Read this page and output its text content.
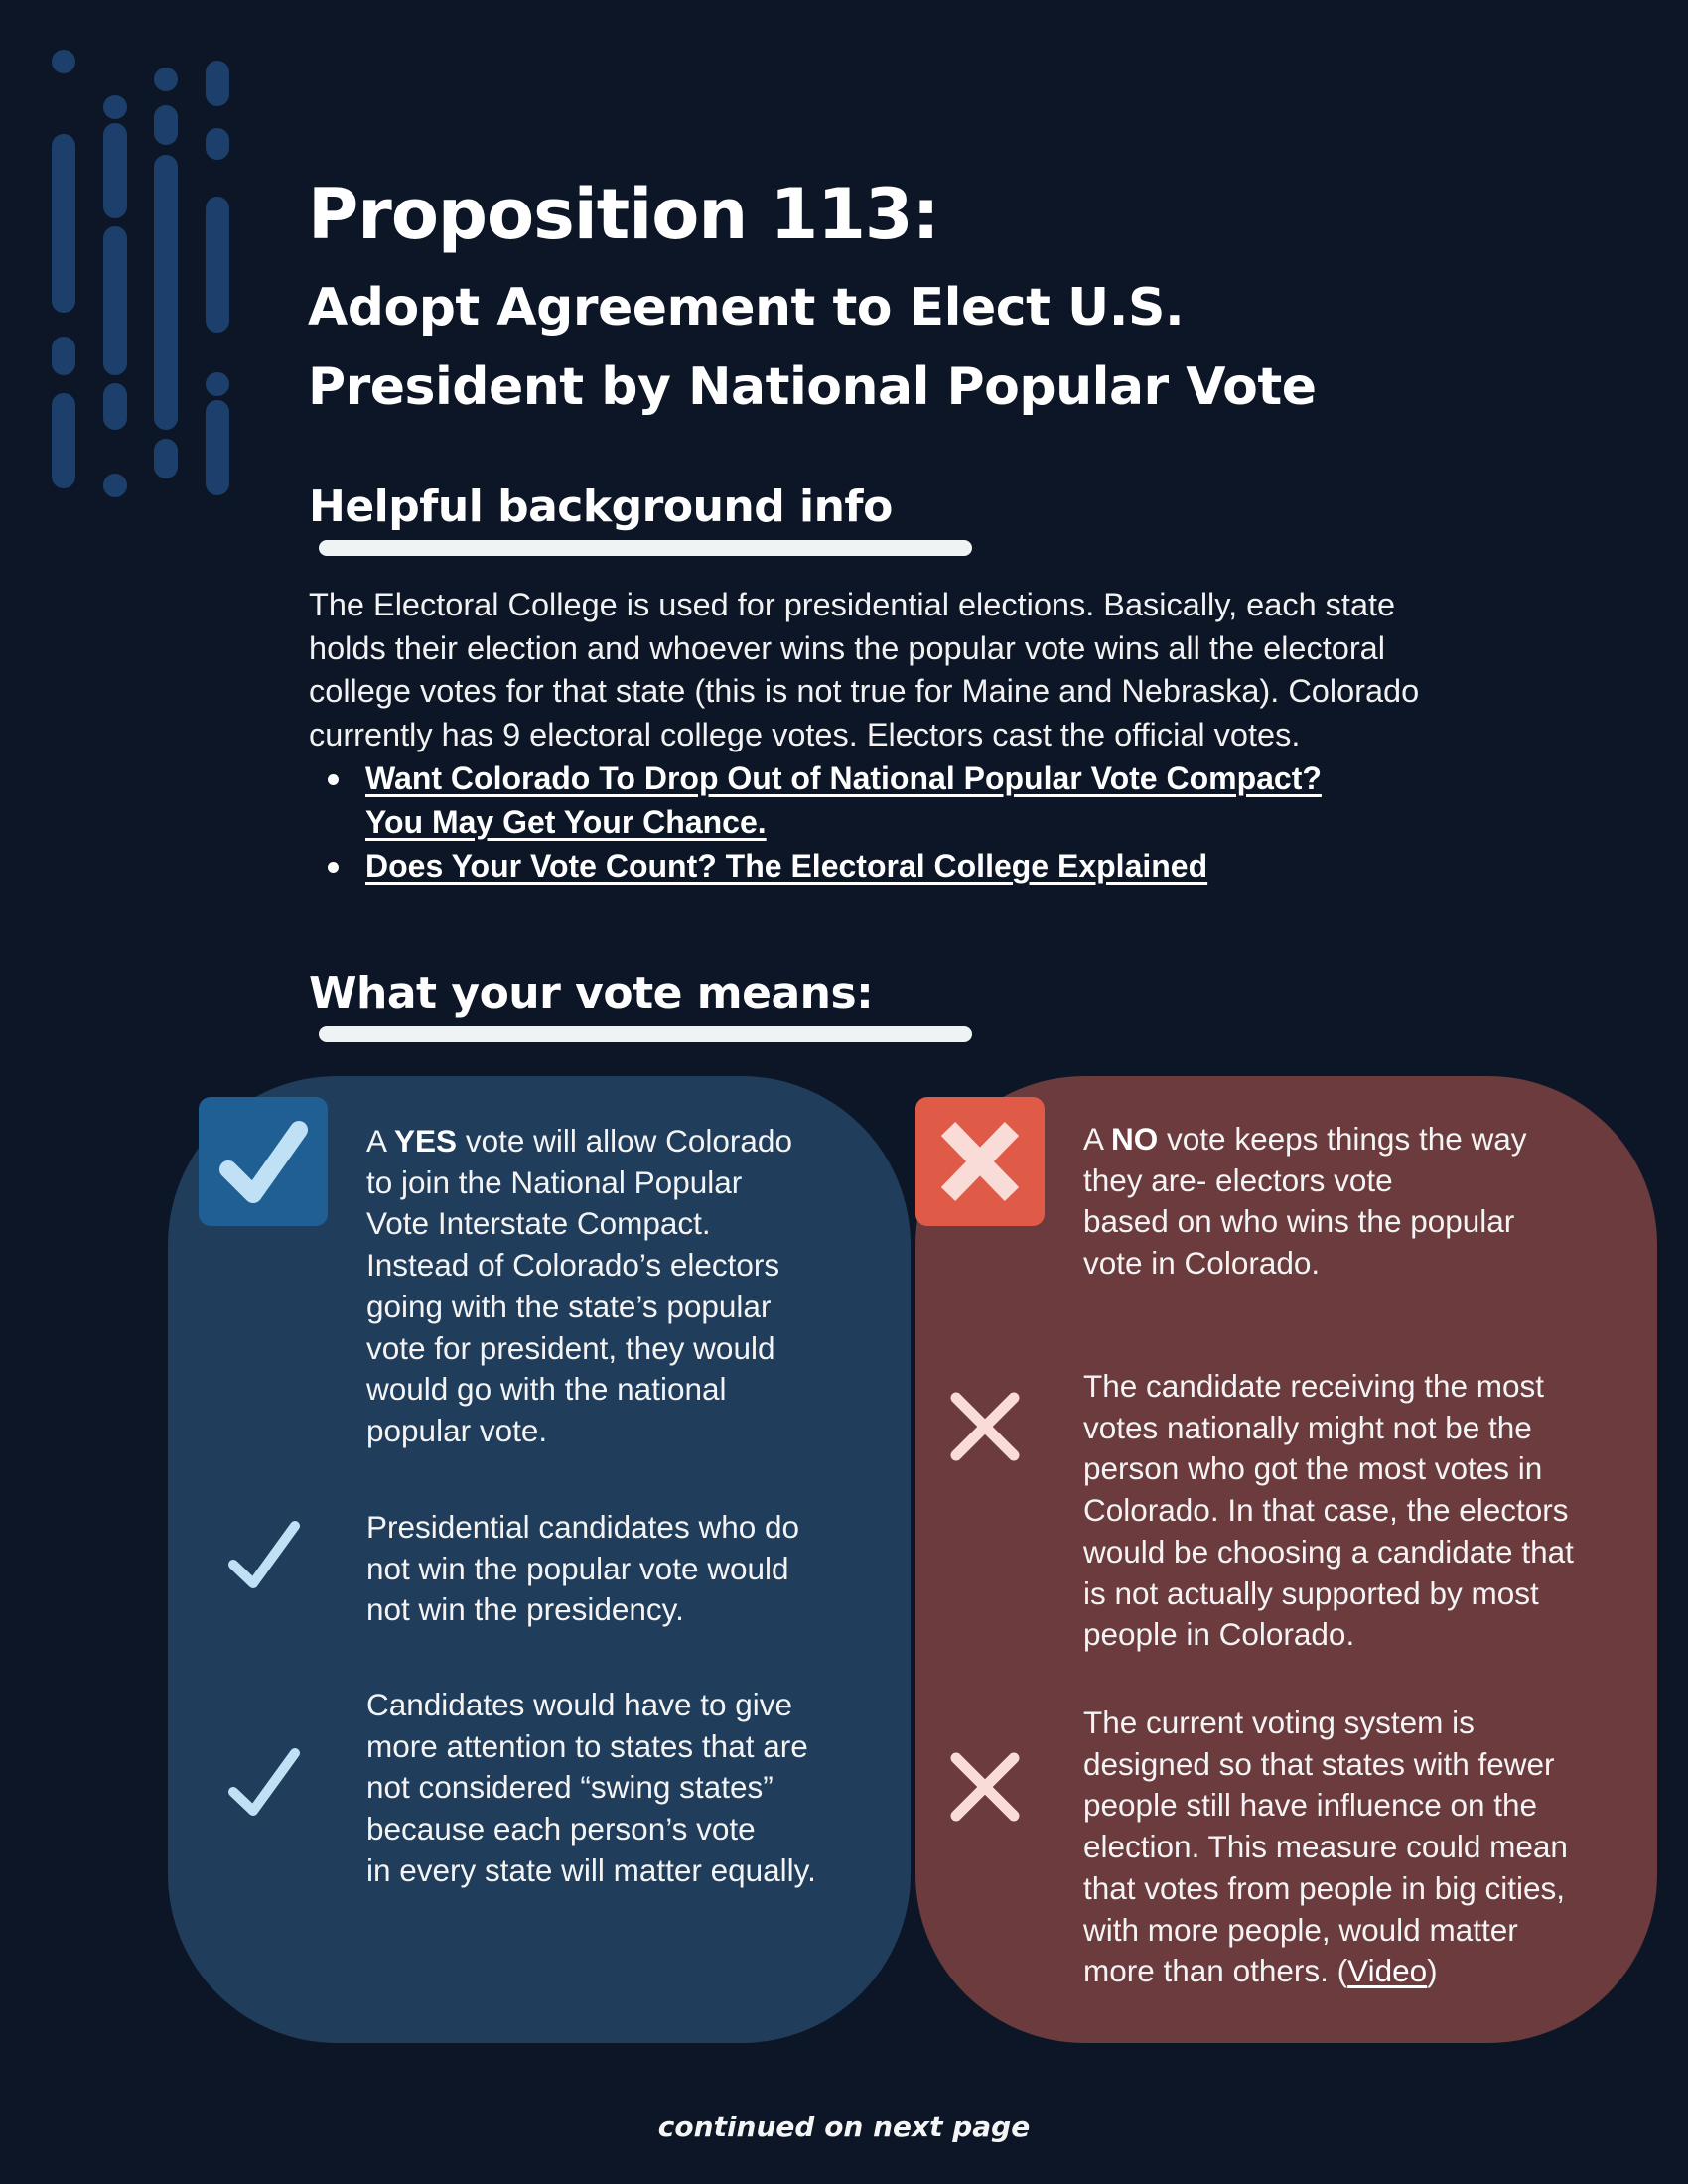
Proposition 113:
Adopt Agreement to Elect U.S.
President by National Popular Vote
Helpful background info

The Electoral College is used for presidential elections. Basically, each state
holds their election and whoever wins the popular vote wins all the electoral
college votes for that state (this is not true for Maine and Nebraska). Colorado
currently has 9 electoral college votes. Electors cast the official votes.

Want Colorado To Drop Out of National Popular Vote Compact?
You May Get Your Chance.
Does Your Vote Count? The Electoral College Explained
What your vote means:

A YES vote will allow Colorado
to join the National Popular
Vote Interstate Compact.
Instead of Colorado’s electors
going with the state’s popular
vote for president, they would
would go with the national
popular vote.

Presidential candidates who do
not win the popular vote would
not win the presidency.

Candidates would have to give
more attention to states that are
not considered “swing states”
because each person’s vote
in every state will matter equally.

A NO vote keeps things the way
they are- electors vote
based on who wins the popular
vote in Colorado.

The candidate receiving the most
votes nationally might not be the
person who got the most votes in
Colorado. In that case, the electors
would be choosing a candidate that
is not actually supported by most
people in Colorado.

The current voting system is
designed so that states with fewer
people still have influence on the
election. This measure could mean
that votes from people in big cities,
with more people, would matter
more than others. (Video)

continued on next page
